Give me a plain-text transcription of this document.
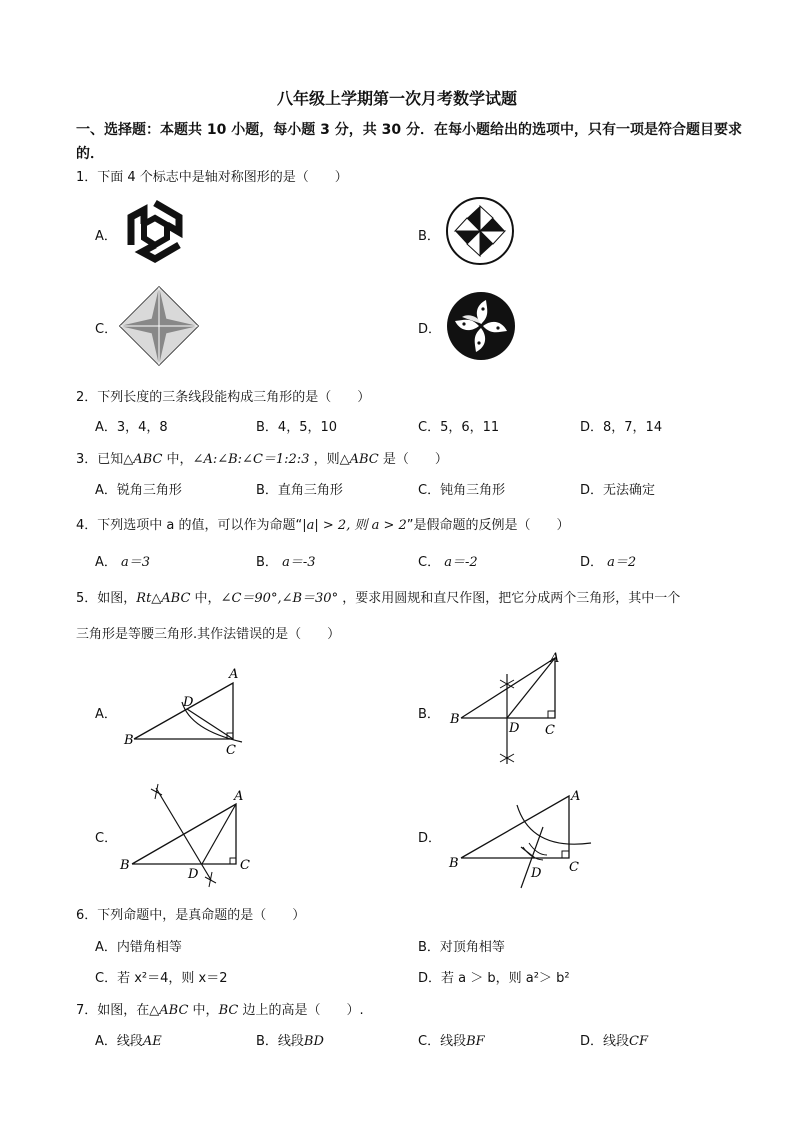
八年级上学期第一次月考数学试题
一、选择题：本题共 10 小题，每小题 3 分，共 30 分．在每小题给出的选项中，只有一项是符合题目要求的．
1．下面 4 个标志中是轴对称图形的是（　　）
A．	B．
C．	D．
2．下列长度的三条线段能构成三角形的是（　　）
A．3，4，8	B．4，5，10	C．5，6，11	D．8，7，14
3．已知△ABC 中，∠A:∠B:∠C＝1:2:3 ，则△ABC 是（　　）
A．锐角三角形	B．直角三角形	C．钝角三角形	D．无法确定
4．下列选项中 a 的值，可以作为命题“|a| > 2, 则 a > 2”是假命题的反例是（　　）
A． a＝3	B． a＝-3	C． a＝-2	D． a＝2
5．如图，Rt△ABC 中，∠C＝90°,∠B＝30° ，要求用圆规和直尺作图，把它分成两个三角形，其中一个
三角形是等腰三角形.其作法错误的是（　　）
A．	B．
C．	D．
A
B
C
D
A
B
C
D
A
B	C
D
A
B	C
D
6．下列命题中，是真命题的是（　　）
A．内错角相等	B．对顶角相等
C．若 x²＝4，则 x＝2	D．若 a ＞ b，则 a²＞ b²
7．如图，在△ABC 中，BC 边上的高是（　　）.
A．线段AE	B．线段BD	C．线段BF	D．线段CF
